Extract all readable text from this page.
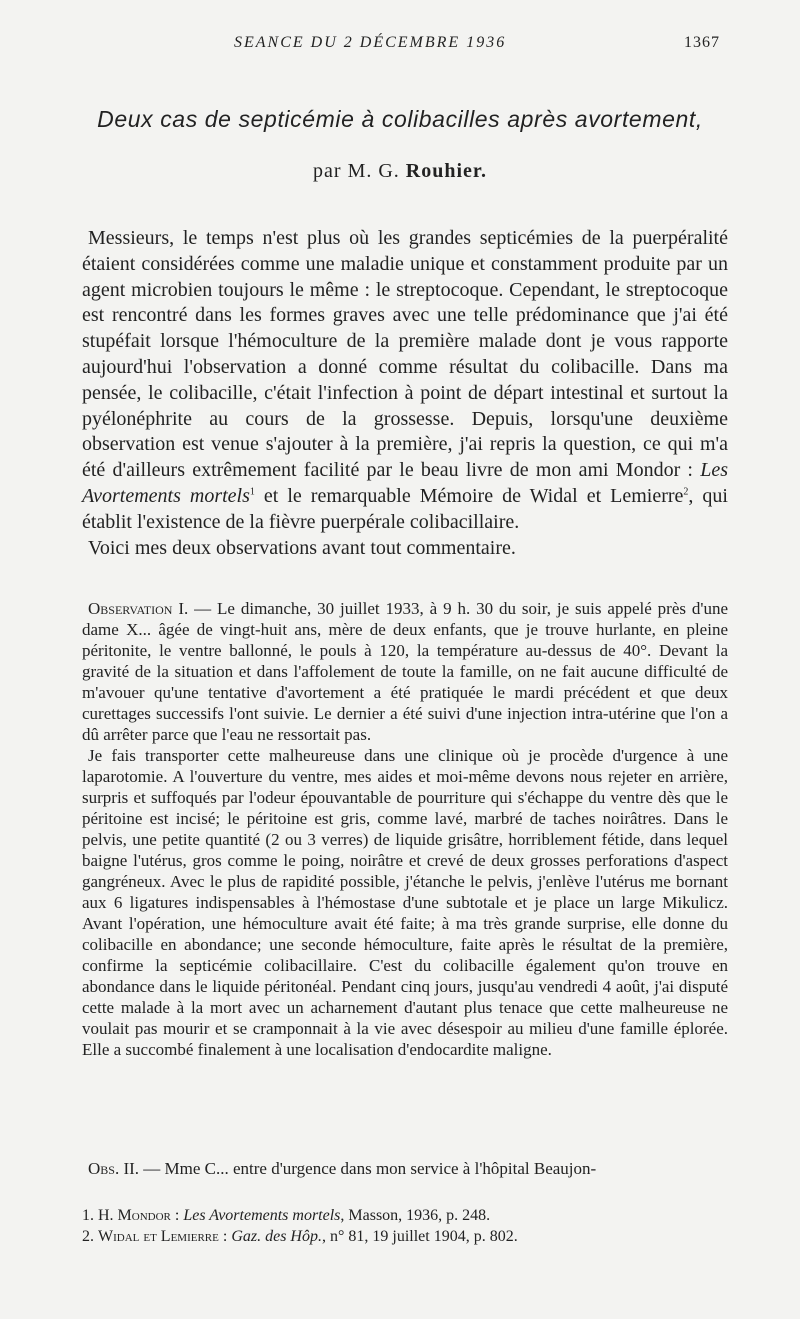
SEANCE DU 2 DÉCEMBRE 1936	1367
Deux cas de septicémie à colibacilles après avortement,
par M. G. Rouhier.

Messieurs, le temps n'est plus où les grandes septicémies de la puerpéralité étaient considérées comme une maladie unique et constamment produite par un agent microbien toujours le même : le streptocoque. Cependant, le streptocoque est rencontré dans les formes graves avec une telle prédominance que j'ai été stupéfait lorsque l'hémoculture de la première malade dont je vous rapporte aujourd'hui l'observation a donné comme résultat du colibacille. Dans ma pensée, le colibacille, c'était l'infection à point de départ intestinal et surtout la pyélonéphrite au cours de la grossesse. Depuis, lorsqu'une deuxième observation est venue s'ajouter à la première, j'ai repris la question, ce qui m'a été d'ailleurs extrêmement facilité par le beau livre de mon ami Mondor : Les Avortements mortels$^1$ et le remarquable Mémoire de Widal et Lemierre$^2$, qui établit l'existence de la fièvre puerpérale colibacillaire.

Voici mes deux observations avant tout commentaire.

Observation I. — Le dimanche, 30 juillet 1933, à 9 h. 30 du soir, je suis appelé près d'une dame X... âgée de vingt-huit ans, mère de deux enfants, que je trouve hurlante, en pleine péritonite, le ventre ballonné, le pouls à 120, la température au-dessus de 40°. Devant la gravité de la situation et dans l'affolement de toute la famille, on ne fait aucune difficulté de m'avouer qu'une tentative d'avortement a été pratiquée le mardi précédent et que deux curettages successifs l'ont suivie. Le dernier a été suivi d'une injection intra-utérine que l'on a dû arrêter parce que l'eau ne ressortait pas.

Je fais transporter cette malheureuse dans une clinique où je procède d'urgence à une laparotomie. A l'ouverture du ventre, mes aides et moi-même devons nous rejeter en arrière, surpris et suffoqués par l'odeur épouvantable de pourriture qui s'échappe du ventre dès que le péritoine est incisé; le péritoine est gris, comme lavé, marbré de taches noirâtres. Dans le pelvis, une petite quantité (2 ou 3 verres) de liquide grisâtre, horriblement fétide, dans lequel baigne l'utérus, gros comme le poing, noirâtre et crevé de deux grosses perforations d'aspect gangréneux. Avec le plus de rapidité possible, j'étanche le pelvis, j'enlève l'utérus me bornant aux 6 ligatures indispensables à l'hémostase d'une subtotale et je place un large Mikulicz. Avant l'opération, une hémoculture avait été faite; à ma très grande surprise, elle donne du colibacille en abondance; une seconde hémoculture, faite après le résultat de la première, confirme la septicémie colibacillaire. C'est du colibacille également qu'on trouve en abondance dans le liquide péritonéal. Pendant cinq jours, jusqu'au vendredi 4 août, j'ai disputé cette malade à la mort avec un acharnement d'autant plus tenace que cette malheureuse ne voulait pas mourir et se cramponnait à la vie avec désespoir au milieu d'une famille éplorée. Elle a succombé finalement à une localisation d'endocardite maligne.

Obs. II. — Mme C... entre d'urgence dans mon service à l'hôpital Beaujon-

1. H. Mondor : Les Avortements mortels, Masson, 1936, p. 248.
2. Widal et Lemierre : Gaz. des Hôp., n° 81, 19 juillet 1904, p. 802.
